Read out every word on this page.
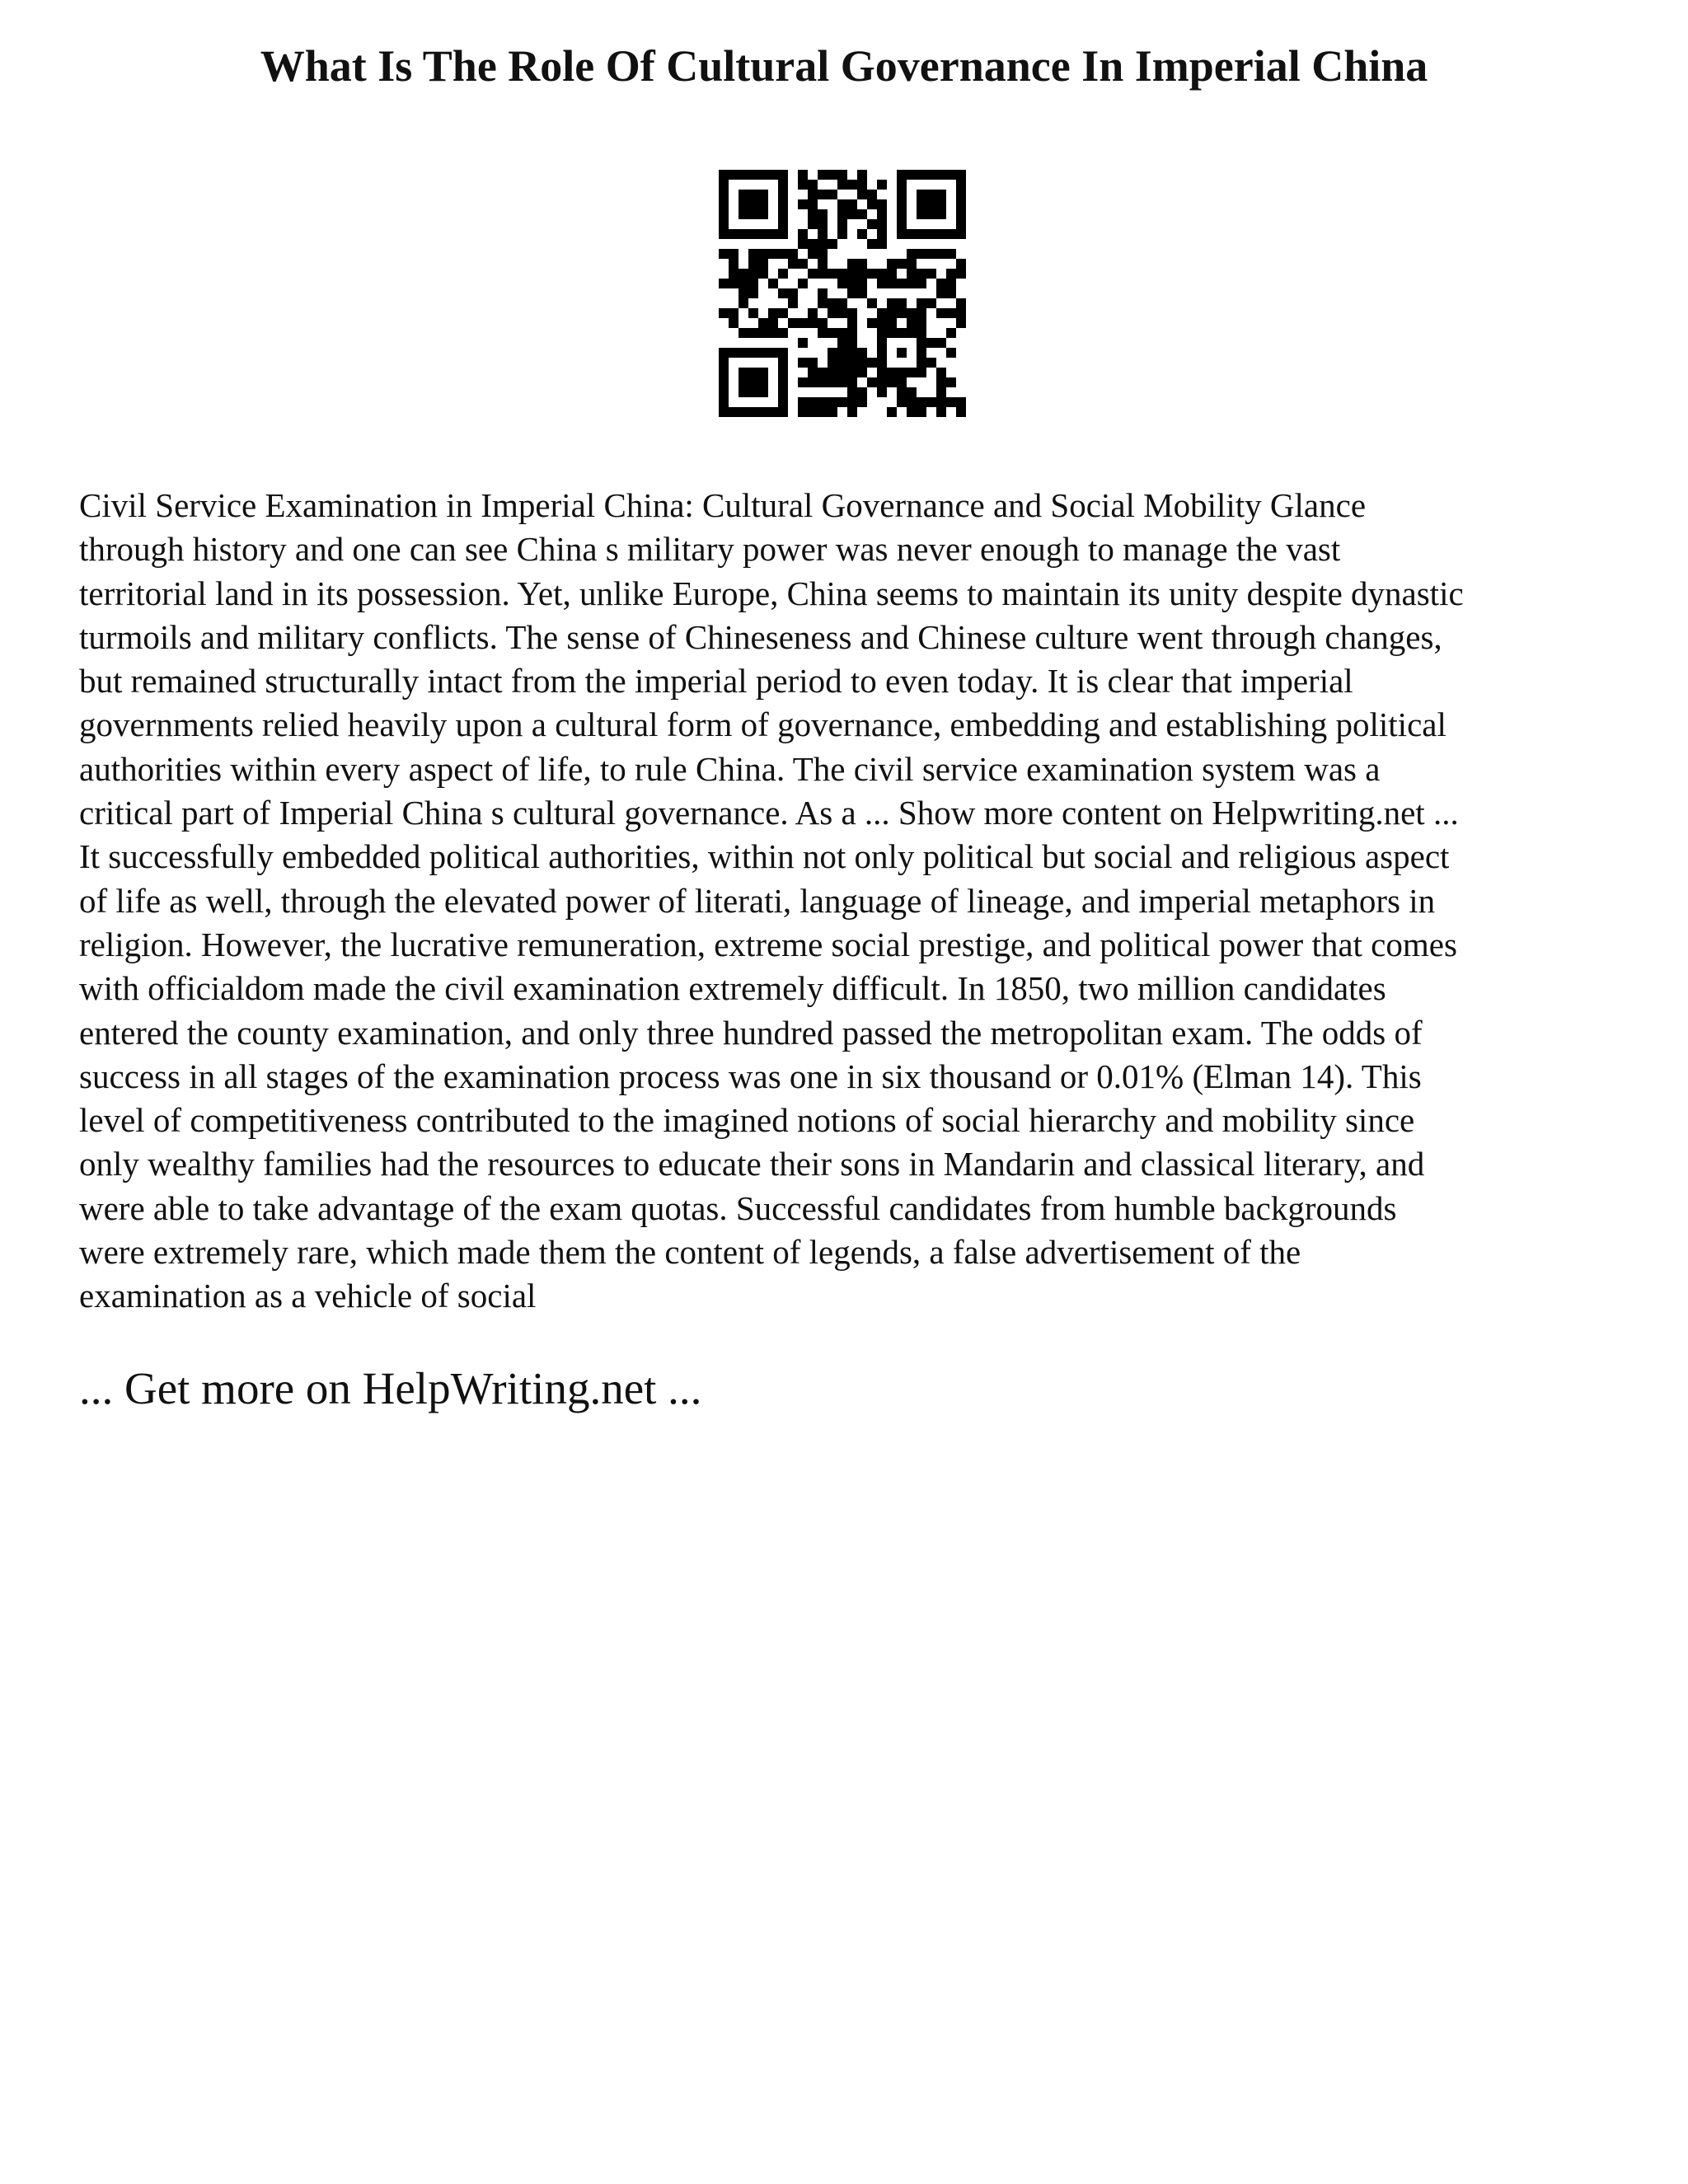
What Is The Role Of Cultural Governance In Imperial China

Civil Service Examination in Imperial China: Cultural Governance and Social Mobility Glance
through history and one can see China s military power was never enough to manage the vast
territorial land in its possession. Yet, unlike Europe, China seems to maintain its unity despite dynastic
turmoils and military conflicts. The sense of Chineseness and Chinese culture went through changes,
but remained structurally intact from the imperial period to even today. It is clear that imperial
governments relied heavily upon a cultural form of governance, embedding and establishing political
authorities within every aspect of life, to rule China. The civil service examination system was a
critical part of Imperial China s cultural governance. As a ... Show more content on Helpwriting.net ...
It successfully embedded political authorities, within not only political but social and religious aspect
of life as well, through the elevated power of literati, language of lineage, and imperial metaphors in
religion. However, the lucrative remuneration, extreme social prestige, and political power that comes
with officialdom made the civil examination extremely difficult. In 1850, two million candidates
entered the county examination, and only three hundred passed the metropolitan exam. The odds of
success in all stages of the examination process was one in six thousand or 0.01% (Elman 14). This
level of competitiveness contributed to the imagined notions of social hierarchy and mobility since
only wealthy families had the resources to educate their sons in Mandarin and classical literary, and
were able to take advantage of the exam quotas. Successful candidates from humble backgrounds
were extremely rare, which made them the content of legends, a false advertisement of the
examination as a vehicle of social

... Get more on HelpWriting.net ...
